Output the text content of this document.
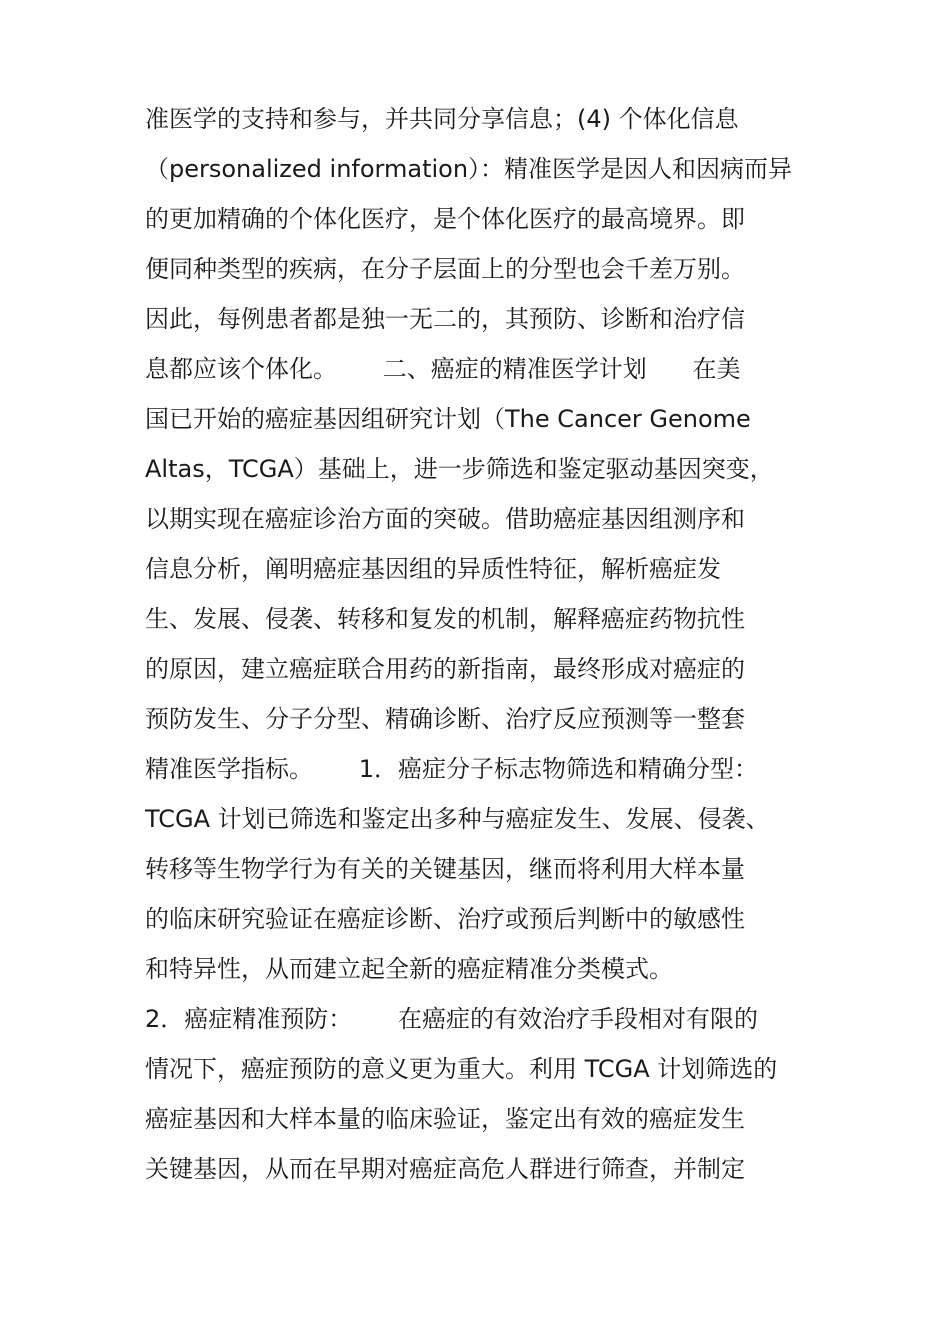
准医学的支持和参与，并共同分享信息；(4) 个体化信息
（personalized information）：精准医学是因人和因病而异
的更加精确的个体化医疗，是个体化医疗的最高境界。即
便同种类型的疾病，在分子层面上的分型也会千差万别。
因此，每例患者都是独一无二的，其预防、诊断和治疗信
息都应该个体化。      二、癌症的精准医学计划      在美
国已开始的癌症基因组研究计划（The Cancer Genome
Altas，TCGA）基础上，进一步筛选和鉴定驱动基因突变，
以期实现在癌症诊治方面的突破。借助癌症基因组测序和
信息分析，阐明癌症基因组的异质性特征，解析癌症发
生、发展、侵袭、转移和复发的机制，解释癌症药物抗性
的原因，建立癌症联合用药的新指南，最终形成对癌症的
预防发生、分子分型、精确诊断、治疗反应预测等一整套
精准医学指标。      1．癌症分子标志物筛选和精确分型：
TCGA 计划已筛选和鉴定出多种与癌症发生、发展、侵袭、
转移等生物学行为有关的关键基因，继而将利用大样本量
的临床研究验证在癌症诊断、治疗或预后判断中的敏感性
和特异性，从而建立起全新的癌症精准分类模式。
2．癌症精准预防：      在癌症的有效治疗手段相对有限的
情况下，癌症预防的意义更为重大。利用 TCGA 计划筛选的
癌症基因和大样本量的临床验证，鉴定出有效的癌症发生
关键基因，从而在早期对癌症高危人群进行筛查，并制定
